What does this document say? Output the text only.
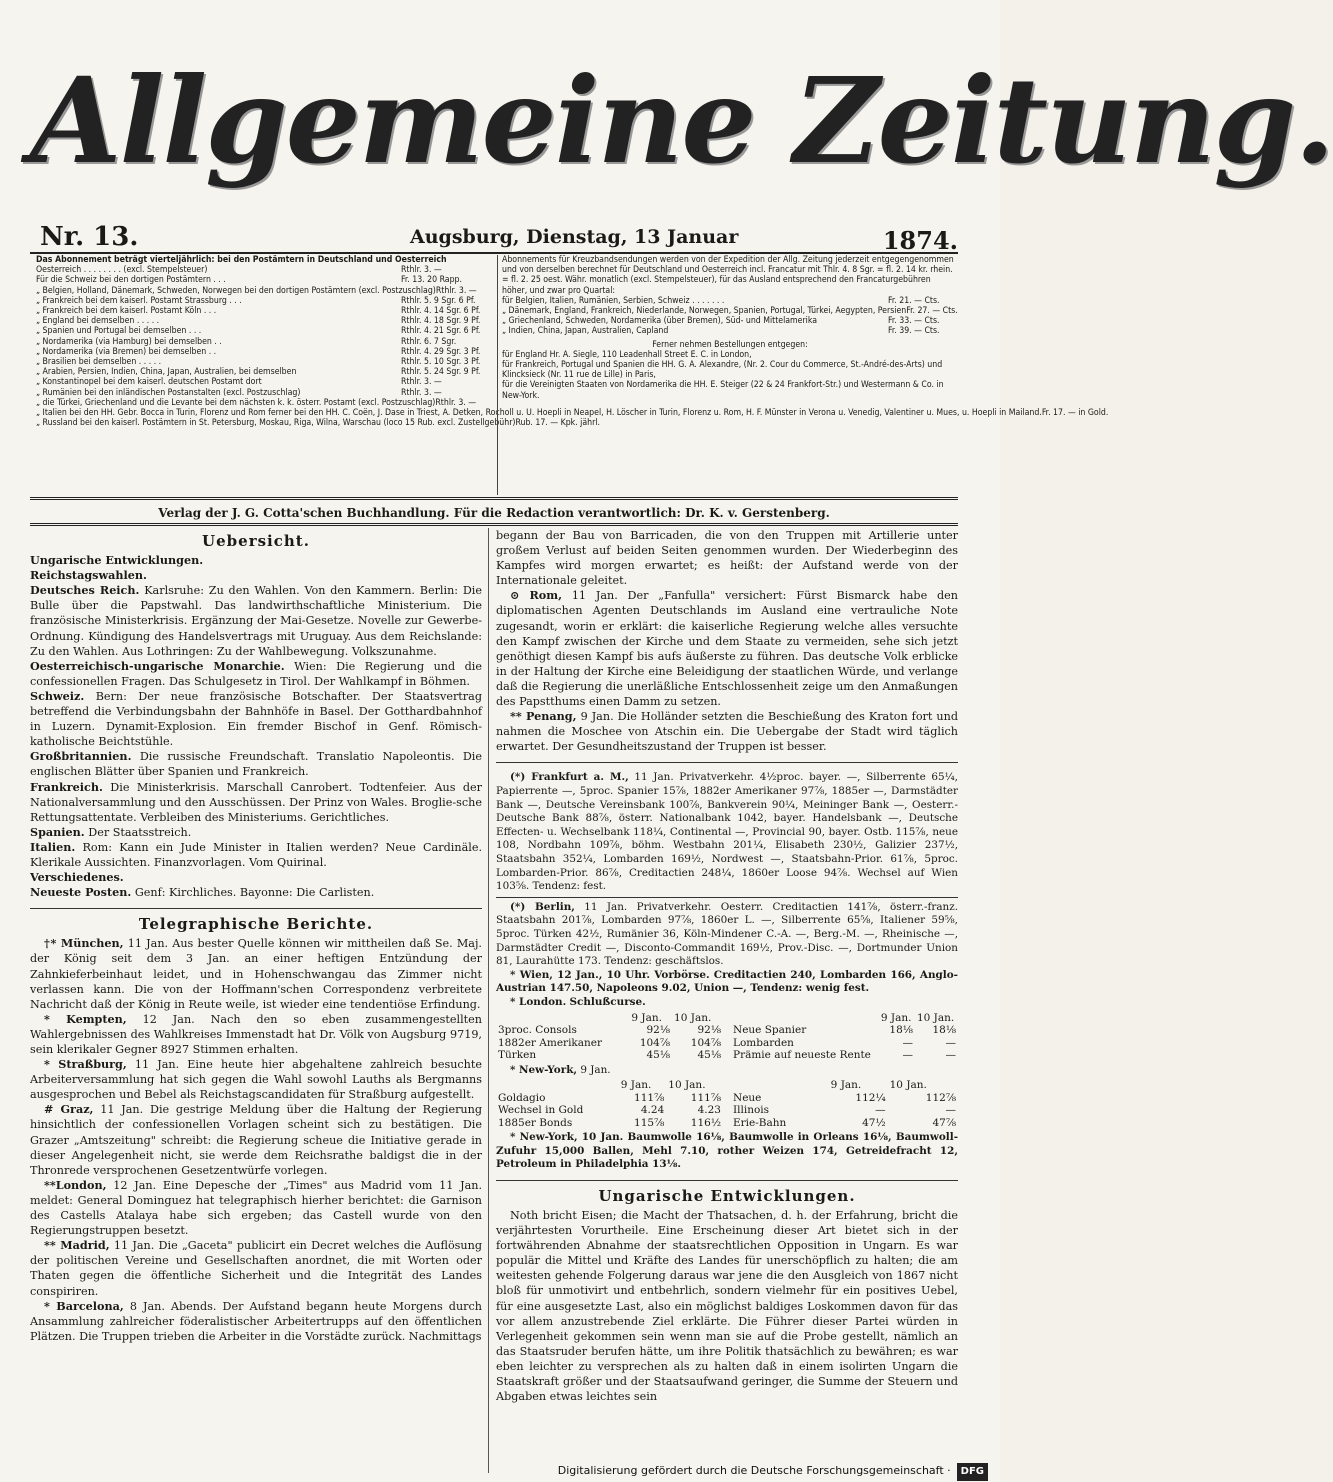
Allgemeine Zeitung.
Nr. 13.	Augsburg, Dienstag, 13 Januar	1874.
Das Abonnement beträgt vierteljährlich: bei den Postämtern in Deutschland und Oesterreich
Oesterreich . . . . . . . . (excl. Stempelsteuer)	Rthlr. 3. —
Für die Schweiz bei den dortigen Postämtern . . .	Fr. 13. 20 Rapp.
„ Belgien, Holland, Dänemark, Schweden, Norwegen bei den dortigen Postämtern (excl. Postzuschlag) Rthlr. 3. —
„ Frankreich bei dem kaiserl. Postamt Strassburg . . .	Rthlr. 5. 9 Sgr. 6 Pf.
„ Frankreich bei dem kaiserl. Postamt Köln . . .	Rthlr. 4. 14 Sgr. 6 Pf.
„ England bei demselben . . . . .	Rthlr. 4. 18 Sgr. 9 Pf.
„ Spanien und Portugal bei demselben . . .	Rthlr. 4. 21 Sgr. 6 Pf.
„ Nordamerika (via Hamburg) bei demselben . .	Rthlr. 6. 7 Sgr.
„ Nordamerika (via Bremen) bei demselben . .	Rthlr. 4. 29 Sgr. 3 Pf.
„ Brasilien bei demselben . . . . .	Rthlr. 5. 10 Sgr. 3 Pf.
„ Arabien, Persien, Indien, China, Japan, Australien, bei demselben	Rthlr. 5. 24 Sgr. 9 Pf.
„ Konstantinopel bei dem kaiserl. deutschen Postamt dort	Rthlr. 3. —
„ Rumänien bei den inländischen Postanstalten (excl. Postzuschlag)	Rthlr. 3. —
„ die Türkei, Griechenland und die Levante bei dem nächsten k. k. österr. Postamt (excl. Postzuschlag) Rthlr. 3. —
„ Italien bei den HH. Gebr. Bocca in Turin, Florenz und Rom ferner bei den HH. C. Coën, J. Dase in Triest, A. Detken, Rocholl u. U. Hoepli in Neapel, H. Löscher in Turin, Florenz u. Rom, H. F. Münster in Verona u. Venedig, Valentiner u. Mues, u. Hoepli in Mailand. Fr. 17. — in Gold.
„ Russland bei den kaiserl. Postämtern in St. Petersburg, Moskau, Riga, Wilna, Warschau (loco 15 Rub. excl. Zustellgebühr) Rub. 17. — Kpk. jährl.
Abonnements für Kreuzbandsendungen werden von der Expedition der Allg. Zeitung jederzeit entgegengenommen und von derselben berechnet für Deutschland und Oesterreich incl. Francatur mit Thlr. 4. 8 Sgr. = fl. 2. 14 kr. rhein. = fl. 2. 25 oest. Währ. monatlich (excl. Stempelsteuer), für das Ausland entsprechend den Francaturgebühren höher, und zwar pro Quartal:
für Belgien, Italien, Rumänien, Serbien, Schweiz . . . . . . .	Fr. 21. — Cts.
„ Dänemark, England, Frankreich, Niederlande, Norwegen, Spanien, Portugal, Türkei, Aegypten, Persien Fr. 27. — Cts.
„ Griechenland, Schweden, Nordamerika (über Bremen), Süd- und Mittelamerika	Fr. 33. — Cts.
„ Indien, China, Japan, Australien, Capland	Fr. 39. — Cts.
Ferner nehmen Bestellungen entgegen:
für England Hr. A. Siegle, 110 Leadenhall Street E. C. in London,
für Frankreich, Portugal und Spanien die HH. G. A. Alexandre, (Nr. 2. Cour du Commerce, St.-André-des-Arts) und Klincksieck (Nr. 11 rue de Lille) in Paris,
für die Vereinigten Staaten von Nordamerika die HH. E. Steiger (22 & 24 Frankfort-Str.) und Westermann & Co. in New-York.
Verlag der J. G. Cotta'schen Buchhandlung. Für die Redaction verantwortlich: Dr. K. v. Gerstenberg.
Uebersicht.

Ungarische Entwicklungen.

Reichstagswahlen.

Deutsches Reich. Karlsruhe: Zu den Wahlen. Von den Kammern. Berlin: Die Bulle über die Papstwahl. Das landwirthschaftliche Ministerium. Die französische Ministerkrisis. Ergänzung der Mai-Gesetze. Novelle zur Gewerbe-Ordnung. Kündigung des Handelsvertrags mit Uruguay. Aus dem Reichslande: Zu den Wahlen. Aus Lothringen: Zu der Wahlbewegung. Volkszunahme.

Oesterreichisch-ungarische Monarchie. Wien: Die Regierung und die confessionellen Fragen. Das Schulgesetz in Tirol. Der Wahlkampf in Böhmen.

Schweiz. Bern: Der neue französische Botschafter. Der Staatsvertrag betreffend die Verbindungsbahn der Bahnhöfe in Basel. Der Gotthardbahnhof in Luzern. Dynamit-Explosion. Ein fremder Bischof in Genf. Römisch-katholische Beichtstühle.

Großbritannien. Die russische Freundschaft. Translatio Napoleontis. Die englischen Blätter über Spanien und Frankreich.

Frankreich. Die Ministerkrisis. Marschall Canrobert. Todtenfeier. Aus der Nationalversammlung und den Ausschüssen. Der Prinz von Wales. Broglie-sche Rettungsattentate. Verbleiben des Ministeriums. Gerichtliches.

Spanien. Der Staatsstreich.

Italien. Rom: Kann ein Jude Minister in Italien werden? Neue Cardinäle. Klerikale Aussichten. Finanzvorlagen. Vom Quirinal.

Verschiedenes.

Neueste Posten. Genf: Kirchliches. Bayonne: Die Carlisten.

Telegraphische Berichte.

†* München, 11 Jan. Aus bester Quelle können wir mittheilen daß Se. Maj. der König seit dem 3 Jan. an einer heftigen Entzündung der Zahnkieferbeinhaut leidet, und in Hohenschwangau das Zimmer nicht verlassen kann. Die von der Hoffmann'schen Correspondenz verbreitete Nachricht daß der König in Reute weile, ist wieder eine tendentiöse Erfindung.

* Kempten, 12 Jan. Nach den so eben zusammengestellten Wahlergebnissen des Wahlkreises Immenstadt hat Dr. Völk von Augsburg 9719, sein klerikaler Gegner 8927 Stimmen erhalten.

* Straßburg, 11 Jan. Eine heute hier abgehaltene zahlreich besuchte Arbeiterversammlung hat sich gegen die Wahl sowohl Lauths als Bergmanns ausgesprochen und Bebel als Reichstagscandidaten für Straßburg aufgestellt.

# Graz, 11 Jan. Die gestrige Meldung über die Haltung der Regierung hinsichtlich der confessionellen Vorlagen scheint sich zu bestätigen. Die Grazer „Amtszeitung" schreibt: die Regierung scheue die Initiative gerade in dieser Angelegenheit nicht, sie werde dem Reichsrathe baldigst die in der Thronrede versprochenen Gesetzentwürfe vorlegen.

**London, 12 Jan. Eine Depesche der „Times" aus Madrid vom 11 Jan. meldet: General Dominguez hat telegraphisch hierher berichtet: die Garnison des Castells Atalaya habe sich ergeben; das Castell wurde von den Regierungstruppen besetzt.

** Madrid, 11 Jan. Die „Gaceta" publicirt ein Decret welches die Auflösung der politischen Vereine und Gesellschaften anordnet, die mit Worten oder Thaten gegen die öffentliche Sicherheit und die Integrität des Landes conspiriren.

* Barcelona, 8 Jan. Abends. Der Aufstand begann heute Morgens durch Ansammlung zahlreicher föderalistischer Arbeitertrupps auf den öffentlichen Plätzen. Die Truppen trieben die Arbeiter in die Vorstädte zurück. Nachmittags

begann der Bau von Barricaden, die von den Truppen mit Artillerie unter großem Verlust auf beiden Seiten genommen wurden. Der Wiederbeginn des Kampfes wird morgen erwartet; es heißt: der Aufstand werde von der Internationale geleitet.

⊙ Rom, 11 Jan. Der „Fanfulla" versichert: Fürst Bismarck habe den diplomatischen Agenten Deutschlands im Ausland eine vertrauliche Note zugesandt, worin er erklärt: die kaiserliche Regierung welche alles versuchte den Kampf zwischen der Kirche und dem Staate zu vermeiden, sehe sich jetzt genöthigt diesen Kampf bis aufs äußerste zu führen. Das deutsche Volk erblicke in der Haltung der Kirche eine Beleidigung der staatlichen Würde, und verlange daß die Regierung die unerläßliche Entschlossenheit zeige um den Anmaßungen des Papstthums einen Damm zu setzen.

** Penang, 9 Jan. Die Holländer setzten die Beschießung des Kraton fort und nahmen die Moschee von Atschin ein. Die Uebergabe der Stadt wird täglich erwartet. Der Gesundheitszustand der Truppen ist besser.

(*) Frankfurt a. M., 11 Jan. Privatverkehr. 4½proc. bayer. —, Silberrente 65¼, Papierrente —, 5proc. Spanier 15⅞, 1882er Amerikaner 97⅞, 1885er —, Darmstädter Bank —, Deutsche Vereinsbank 100⅞, Bankverein 90¼, Meininger Bank —, Oesterr.-Deutsche Bank 88⅞, österr. Nationalbank 1042, bayer. Handelsbank —, Deutsche Effecten- u. Wechselbank 118¼, Continental —, Provincial 90, bayer. Ostb. 115⅞, neue 108, Nordbahn 109⅞, böhm. Westbahn 201¼, Elisabeth 230½, Galizier 237½, Staatsbahn 352¼, Lombarden 169½, Nordwest —, Staatsbahn-Prior. 61⅞, 5proc. Lombarden-Prior. 86⅞, Creditactien 248¼, 1860er Loose 94⅞. Wechsel auf Wien 103⅝. Tendenz: fest.

(*) Berlin, 11 Jan. Privatverkehr. Oesterr. Creditactien 141⅞, österr.-franz. Staatsbahn 201⅞, Lombarden 97⅞, 1860er L. —, Silberrente 65⅝, Italiener 59⅝, 5proc. Türken 42½, Rumänier 36, Köln-Mindener C.-A. —, Berg.-M. —, Rheinische —, Darmstädter Credit —, Disconto-Commandit 169½, Prov.-Disc. —, Dortmunder Union 81, Laurahütte 173. Tendenz: geschäftslos.

* Wien, 12 Jan., 10 Uhr. Vorbörse. Creditactien 240, Lombarden 166, Anglo-Austrian 147.50, Napoleons 9.02, Union —, Tendenz: wenig fest.

* London. Schlußcurse.

	9 Jan.	10 Jan.
3proc. Consols	92⅛	92⅛
1882er Amerikaner	104⅞	104⅞
Türken	45⅛	45⅛
	9 Jan.	10 Jan.
Neue Spanier	18⅛	18⅛
Lombarden	—	—
Prämie auf neueste Rente	—	—

* New-York, 9 Jan.

	9 Jan.	10 Jan.
Goldagio	111⅞	111⅞
Wechsel in Gold	4.24	4.23
1885er Bonds	115⅞	116½
	9 Jan.	10 Jan.
Neue	112¼	112⅞
Illinois	—	—
Erie-Bahn	47½	47⅞

* New-York, 10 Jan. Baumwolle 16⅛, Baumwolle in Orleans 16⅛, Baumwoll-Zufuhr 15,000 Ballen, Mehl 7.10, rother Weizen 174, Getreidefracht 12, Petroleum in Philadelphia 13⅛.

Ungarische Entwicklungen.

Noth bricht Eisen; die Macht der Thatsachen, d. h. der Erfahrung, bricht die verjährtesten Vorurtheile. Eine Erscheinung dieser Art bietet sich in der fortwährenden Abnahme der staatsrechtlichen Opposition in Ungarn. Es war populär die Mittel und Kräfte des Landes für unerschöpflich zu halten; die am weitesten gehende Folgerung daraus war jene die den Ausgleich von 1867 nicht bloß für unmotivirt und entbehrlich, sondern vielmehr für ein positives Uebel, für eine ausgesetzte Last, also ein möglichst baldiges Loskommen davon für das vor allem anzustrebende Ziel erklärte. Die Führer dieser Partei würden in Verlegenheit gekommen sein wenn man sie auf die Probe gestellt, nämlich an das Staatsruder berufen hätte, um ihre Politik thatsächlich zu bewähren; es war eben leichter zu versprechen als zu halten daß in einem isolirten Ungarn die Staatskraft größer und der Staatsaufwand geringer, die Summe der Steuern und Abgaben etwas leichtes sein

Digitalisierung gefördert durch die Deutsche Forschungsgemeinschaft · DFG
